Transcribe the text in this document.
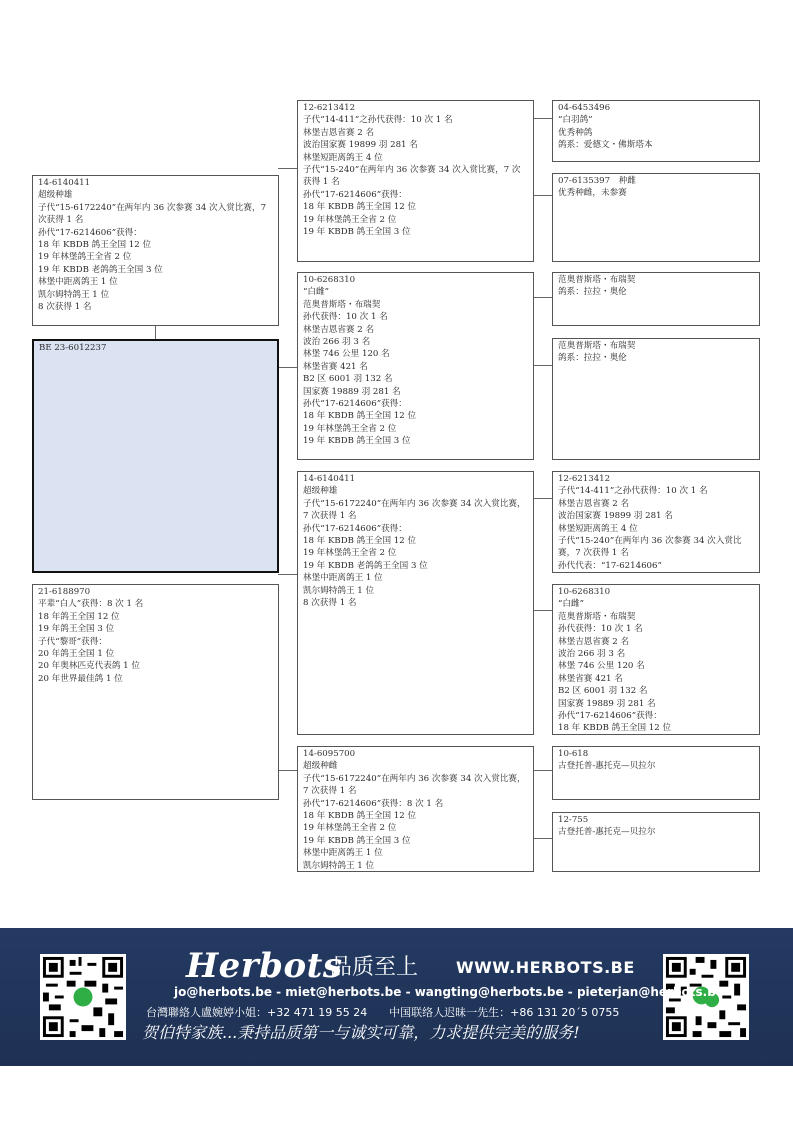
BE 23-6012237
14-6140411
超级种雄
子代“15-6172240”在两年内 36 次参赛 34 次入赏比赛，7 次获得 1 名
孙代“17-6214606”获得：
18 年 KBDB 鸽王全国 12 位
19 年林堡鸽王全省 2 位
19 年 KBDB 老鸽鸽王全国 3 位
林堡中距离鸽王 1 位
凯尔姆特鸽王 1 位
8 次获得 1 名
21-6188970
平辈“白人”获得：8 次 1 名
18 年鸽王全国 12 位
19 年鸽王全国 3 位
子代“黎哥”获得：
20 年鸽王全国 1 位
20 年奥林匹克代表鸽 1 位
20 年世界最佳鸽 1 位
12-6213412
子代“14-411”之孙代获得：10 次 1 名
林堡吉恩省赛 2 名
波治国家赛 19899 羽 281 名
林堡短距离鸽王 4 位
子代“15-240”在两年内 36 次参赛 34 次入赏比赛，7 次获得 1 名
孙代“17-6214606”获得：
18 年 KBDB 鸽王全国 12 位
19 年林堡鸽王全省 2 位
19 年 KBDB 鸽王全国 3 位
10-6268310
“白雌”
范奥普斯塔・布瑞契
孙代获得：10 次 1 名
林堡吉恩省赛 2 名
波治 266 羽 3 名
林堡 746 公里 120 名
林堡省赛 421 名
B2 区 6001 羽 132 名
国家赛 19889 羽 281 名
孙代“17-6214606”获得：
18 年 KBDB 鸽王全国 12 位
19 年林堡鸽王全省 2 位
19 年 KBDB 鸽王全国 3 位
14-6140411
超级种雄
子代“15-6172240”在两年内 36 次参赛 34 次入赏比赛，7 次获得 1 名
孙代“17-6214606”获得：
18 年 KBDB 鸽王全国 12 位
19 年林堡鸽王全省 2 位
19 年 KBDB 老鸽鸽王全国 3 位
林堡中距离鸽王 1 位
凯尔姆特鸽王 1 位
8 次获得 1 名
14-6095700
超级种雌
子代“15-6172240”在两年内 36 次参赛 34 次入赏比赛，7 次获得 1 名
孙代“17-6214606”获得：8 次 1 名
18 年 KBDB 鸽王全国 12 位
19 年林堡鸽王全省 2 位
19 年 KBDB 鸽王全国 3 位
林堡中距离鸽王 1 位
凯尔姆特鸽王 1 位
04-6453496
“白羽鸽”
优秀种鸽
鸽系：爱德文・佛斯塔本
07-6135397　种雌
优秀种雌，未参赛
范奥普斯塔・布瑞契
鸽系：拉拉・奥伦
范奥普斯塔・布瑞契
鸽系：拉拉・奥伦
12-6213412
子代“14-411”之孙代获得：10 次 1 名
林堡吉恩省赛 2 名
波治国家赛 19899 羽 281 名
林堡短距离鸽王 4 位
子代“15-240”在两年内 36 次参赛 34 次入赏比赛，7 次获得 1 名
孙代代表：“17-6214606”
10-6268310
“白雌”
范奥普斯塔・布瑞契
孙代获得：10 次 1 名
林堡吉恩省赛 2 名
波治 266 羽 3 名
林堡 746 公里 120 名
林堡省赛 421 名
B2 区 6001 羽 132 名
国家赛 19889 羽 281 名
孙代“17-6214606”获得：
18 年 KBDB 鸽王全国 12 位
10-618
古登托普-惠托克—贝拉尔
12-755
古登托普-惠托克—贝拉尔
Herbots
品质至上 WWW.HERBOTS.BE
jo@herbots.be - miet@herbots.be - wangting@herbots.be - pieterjan@herbots.be
台灣聯絡人盧婉婷小姐：+32 471 19 55 24　　中国联络人迟昧一先生：+86 131 20´5 0755
贺伯特家族...秉持品质第一与诚实可靠，力求提供完美的服务!
